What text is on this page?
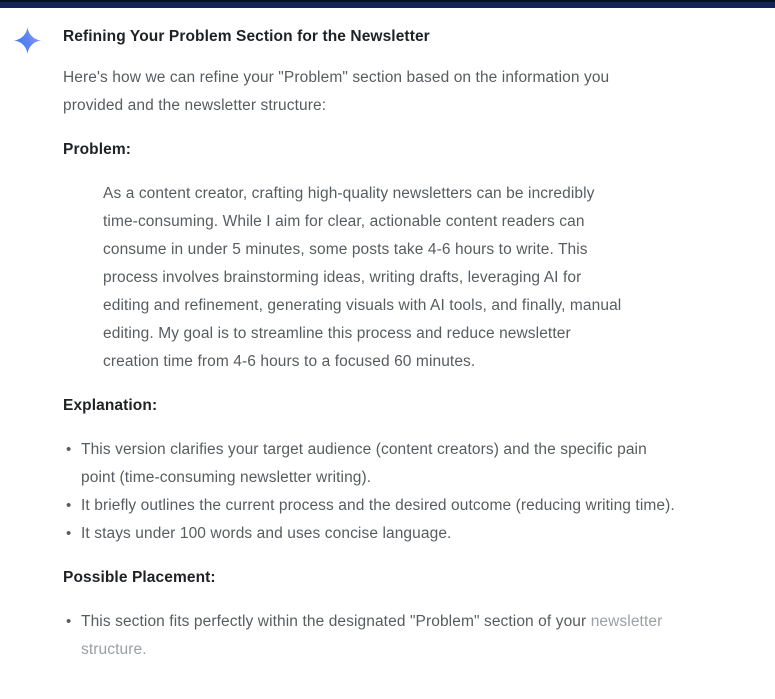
Refining Your Problem Section for the Newsletter

Here's how we can refine your "Problem" section based on the information you provided and the newsletter structure:

Problem:
As a content creator, crafting high-quality newsletters can be incredibly time-consuming. While I aim for clear, actionable content readers can consume in under 5 minutes, some posts take 4-6 hours to write. This process involves brainstorming ideas, writing drafts, leveraging AI for editing and refinement, generating visuals with AI tools, and finally, manual editing. My goal is to streamline this process and reduce newsletter creation time from 4-6 hours to a focused 60 minutes.
Explanation:
• This version clarifies your target audience (content creators) and the specific pain point (time-consuming newsletter writing).
• It briefly outlines the current process and the desired outcome (reducing writing time).
• It stays under 100 words and uses concise language.
Possible Placement:
• This section fits perfectly within the designated "Problem" section of your newsletter structure.
